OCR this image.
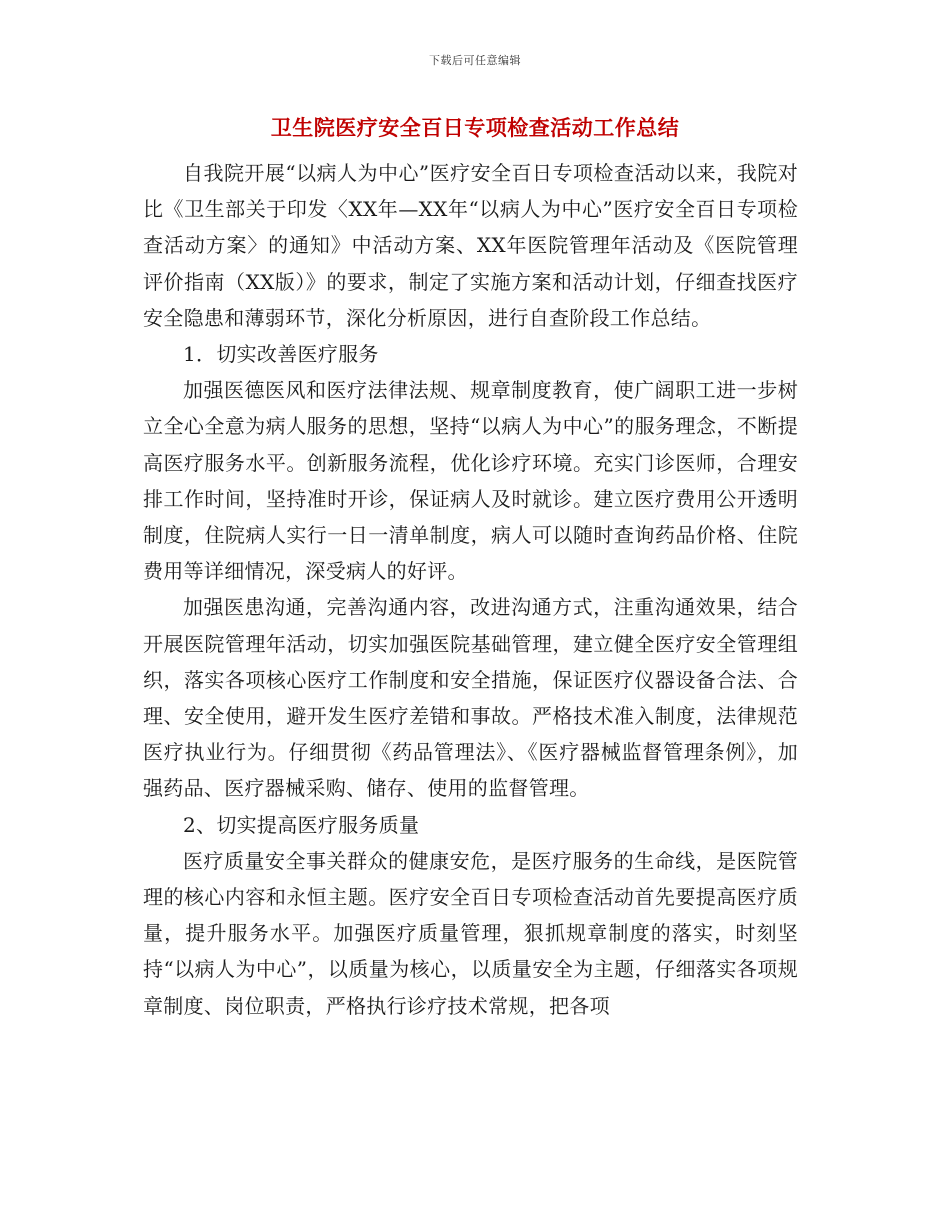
下载后可任意编辑
卫生院医疗安全百日专项检查活动工作总结

自我院开展“以病人为中心”医疗安全百日专项检查活动以来，我院对比《卫生部关于印发〈XX年—XX年“以病人为中心”医疗安全百日专项检查活动方案〉的通知》中活动方案、XX年医院管理年活动及《医院管理评价指南（XX版）》的要求，制定了实施方案和活动计划，仔细查找医疗安全隐患和薄弱环节，深化分析原因，进行自查阶段工作总结。

1．切实改善医疗服务

加强医德医风和医疗法律法规、规章制度教育，使广阔职工进一步树立全心全意为病人服务的思想，坚持“以病人为中心”的服务理念，不断提高医疗服务水平。创新服务流程，优化诊疗环境。充实门诊医师，合理安排工作时间，坚持准时开诊，保证病人及时就诊。建立医疗费用公开透明制度，住院病人实行一日一清单制度，病人可以随时查询药品价格、住院费用等详细情况，深受病人的好评。

加强医患沟通，完善沟通内容，改进沟通方式，注重沟通效果，结合开展医院管理年活动，切实加强医院基础管理，建立健全医疗安全管理组织，落实各项核心医疗工作制度和安全措施，保证医疗仪器设备合法、合理、安全使用，避开发生医疗差错和事故。严格技术准入制度，法律规范医疗执业行为。仔细贯彻《药品管理法》、《医疗器械监督管理条例》，加强药品、医疗器械采购、储存、使用的监督管理。

2、切实提高医疗服务质量

医疗质量安全事关群众的健康安危，是医疗服务的生命线，是医院管理的核心内容和永恒主题。医疗安全百日专项检查活动首先要提高医疗质量，提升服务水平。加强医疗质量管理，狠抓规章制度的落实，时刻坚持“以病人为中心”，以质量为核心，以质量安全为主题，仔细落实各项规章制度、岗位职责，严格执行诊疗技术常规，把各项
